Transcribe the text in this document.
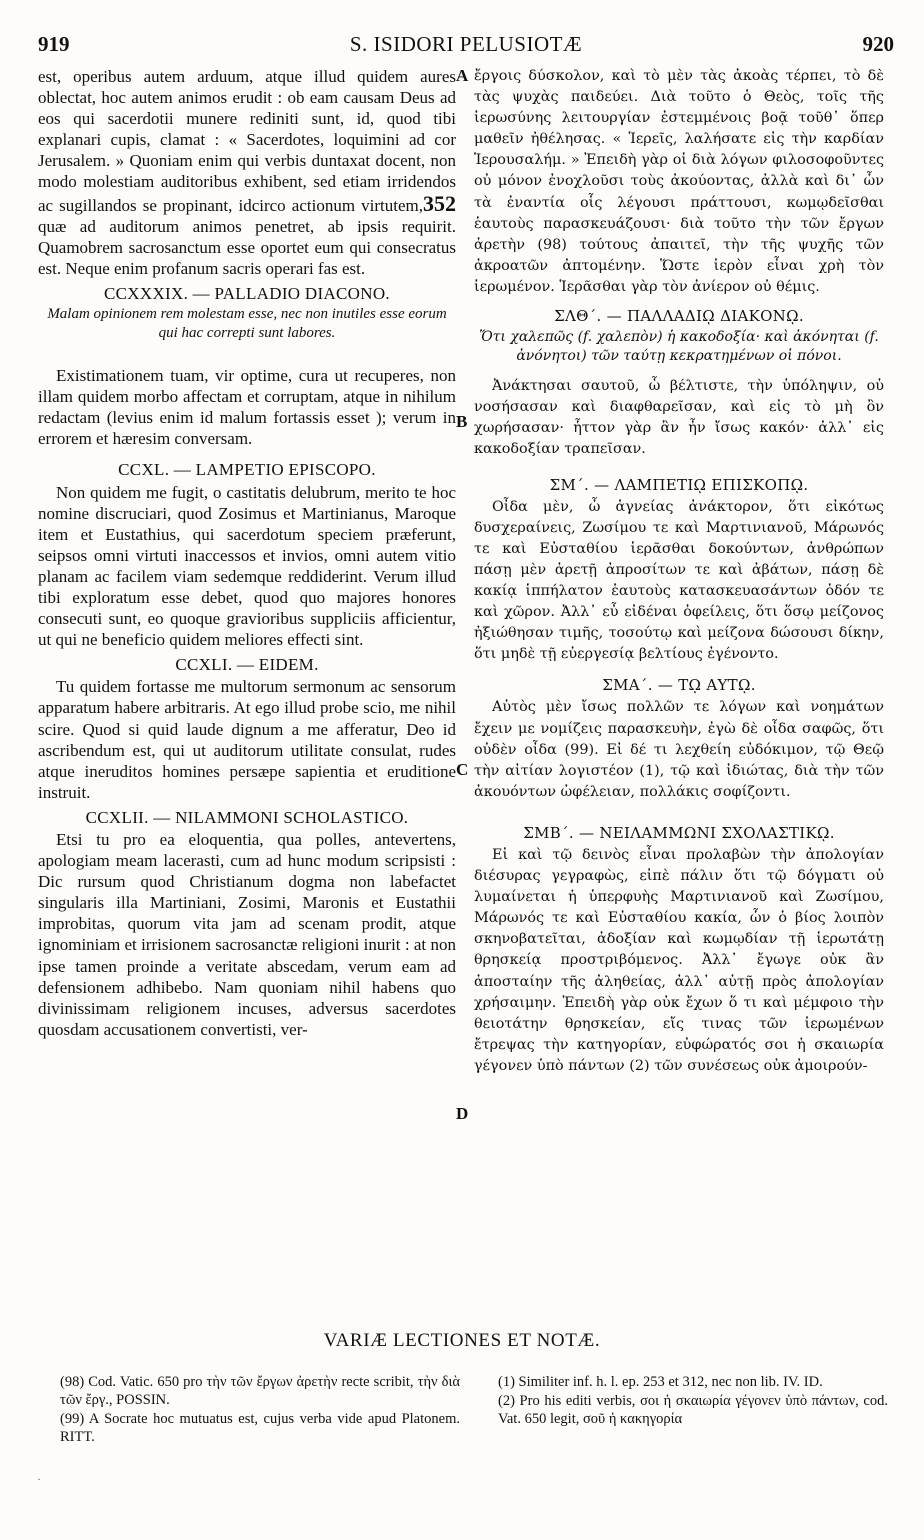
919	S. ISIDORI PELUSIOTÆ	920
A
B
C
D

est, operibus autem arduum, atque illud quidem aures oblectat, hoc autem animos erudit : ob eam causam Deus ad eos qui sacerdotii munere rediniti sunt, id, quod tibi explanari cupis, clamat : « Sacerdotes, loquimini ad cor Jerusalem. » Quoniam enim qui verbis duntaxat docent, non modo molestiam auditoribus exhibent, sed etiam irridendos ac sugillandos se propinant, idcirco actionum virtutem,352 quæ ad auditorum animos penetret, ab ipsis requirit. Quamobrem sacrosanctum esse oportet eum qui consecratus est. Neque enim profanum sacris operari fas est.

CCXXXIX. — PALLADIO DIACONO.
Malam opinionem rem molestam esse, nec non inutiles esse eorum qui hac correpti sunt labores.

Existimationem tuam, vir optime, cura ut recuperes, non illam quidem morbo affectam et corruptam, atque in nihilum redactam (levius enim id malum fortassis esset ); verum in errorem et hæresim conversam.

CCXL. — LAMPETIO EPISCOPO.

Non quidem me fugit, o castitatis delubrum, merito te hoc nomine discruciari, quod Zosimus et Martinianus, Maroque item et Eustathius, qui sacerdotum speciem præferunt, seipsos omni virtuti inaccessos et invios, omni autem vitio planam ac facilem viam sedemque reddiderint. Verum illud tibi exploratum esse debet, quod quo majores honores consecuti sunt, eo quoque gravioribus suppliciis afficientur, ut qui ne beneficio quidem meliores effecti sint.

CCXLI. — EIDEM.

Tu quidem fortasse me multorum sermonum ac sensorum apparatum habere arbitraris. At ego illud probe scio, me nihil scire. Quod si quid laude dignum a me afferatur, Deo id ascribendum est, qui ut auditorum utilitate consulat, rudes atque ineruditos homines persæpe sapientia et eruditione instruit.

CCXLII. — NILAMMONI SCHOLASTICO.

Etsi tu pro ea eloquentia, qua polles, antevertens, apologiam meam lacerasti, cum ad hunc modum scripsisti : Dic rursum quod Christianum dogma non labefactet singularis illa Martiniani, Zosimi, Maronis et Eustathii improbitas, quorum vita jam ad scenam prodit, atque ignominiam et irrisionem sacrosanctæ religioni inurit : at non ipse tamen proinde a veritate abscedam, verum eam ad defensionem adhibebo. Nam quoniam nihil habens quo divinissimam religionem incuses, adversus sacerdotes quosdam accusationem convertisti, ver-

ἔργοις δύσκολον, καὶ τὸ μὲν τὰς ἀκοὰς τέρπει, τὸ δὲ τὰς ψυχὰς παιδεύει. Διὰ τοῦτο ὁ Θεὸς, τοῖς τῆς ἱερωσύνης λειτουργίαν ἐστεμμένοις βοᾷ τοῦθ᾽ ὅπερ μαθεῖν ἠθέλησας. « Ἱερεῖς, λαλήσατε εἰς τὴν καρδίαν Ἱερουσαλήμ. » Ἐπειδὴ γὰρ οἱ διὰ λόγων φιλοσοφοῦντες οὐ μόνον ἐνοχλοῦσι τοὺς ἀκούοντας, ἀλλὰ καὶ δι᾽ ὧν τὰ ἐναντία οἷς λέγουσι πράττουσι, κωμῳδεῖσθαι ἑαυτοὺς παρασκευάζουσι· διὰ τοῦτο τὴν τῶν ἔργων ἀρετὴν (98) τούτους ἀπαιτεῖ, τὴν τῆς ψυχῆς τῶν ἀκροατῶν ἀπτομένην. Ὥστε ἱερὸν εἶναι χρὴ τὸν ἱερωμένον. Ἱερᾶσθαι γὰρ τὸν ἀνίερον οὐ θέμις.

ΣΛΘ΄. — ΠΑΛΛΑΔΙῼ ΔΙΑΚΟΝῼ.
Ὅτι χαλεπῶς (f. χαλεπὸν) ἡ κακοδοξία· καὶ ἀκόνηται (f. ἀνόνητοι) τῶν ταύτῃ κεκρατημένων οἱ πόνοι.

Ἀνάκτησαι σαυτοῦ, ὦ βέλτιστε, τὴν ὑπόληψιν, οὐ νοσήσασαν καὶ διαφθαρεῖσαν, καὶ εἰς τὸ μὴ ὂν χωρήσασαν· ἧττον γὰρ ἂν ἦν ἴσως κακόν· ἀλλ᾽ εἰς κακοδοξίαν τραπεῖσαν.

ΣΜ΄. — ΛΑΜΠΕΤΙῼ ΕΠΙΣΚΟΠῼ.

Οἶδα μὲν, ὦ ἁγνείας ἀνάκτορον, ὅτι εἰκότως δυσχεραίνεις, Ζωσίμου τε καὶ Μαρτινιανοῦ, Μάρωνός τε καὶ Εὐσταθίου ἱερᾶσθαι δοκούντων, ἀνθρώπων πάσῃ μὲν ἀρετῇ ἀπροσίτων τε καὶ ἀβάτων, πάσῃ δὲ κακίᾳ ἱππήλατον ἑαυτοὺς κατασκευασάντων ὁδόν τε καὶ χῶρον. Ἀλλ᾽ εὖ εἰδέναι ὀφείλεις, ὅτι ὅσῳ μείζονος ἠξιώθησαν τιμῆς, τοσούτῳ καὶ μείζονα δώσουσι δίκην, ὅτι μηδὲ τῇ εὐεργεσίᾳ βελτίους ἐγένοντο.

ΣΜΑ΄. — Τῼ ΑΥΤῼ.

Αὐτὸς μὲν ἴσως πολλῶν τε λόγων καὶ νοημάτων ἔχειν με νομίζεις παρασκευὴν, ἐγὼ δὲ οἶδα σαφῶς, ὅτι οὐδὲν οἶδα (99). Εἰ δέ τι λεχθείη εὐδόκιμον, τῷ Θεῷ τὴν αἰτίαν λογιστέον (1), τῷ καὶ ἰδιώτας, διὰ τὴν τῶν ἀκουόντων ὠφέλειαν, πολλάκις σοφίζοντι.

ΣΜΒ΄. — ΝΕΙΛΑΜΜΩΝΙ ΣΧΟΛΑΣΤΙΚῼ.

Εἰ καὶ τῷ δεινὸς εἶναι προλαβὼν τὴν ἀπολογίαν διέσυρας γεγραφὼς, εἰπὲ πάλιν ὅτι τῷ δόγματι οὐ λυμαίνεται ἡ ὑπερφυὴς Μαρτινιανοῦ καὶ Ζωσίμου, Μάρωνός τε καὶ Εὐσταθίου κακία, ὧν ὁ βίος λοιπὸν σκηνοβατεῖται, ἀδοξίαν καὶ κωμῳδίαν τῇ ἱερωτάτῃ θρησκείᾳ προστριβόμενος. Ἀλλ᾽ ἔγωγε οὐκ ἂν ἀποσταίην τῆς ἀληθείας, ἀλλ᾽ αὐτῇ πρὸς ἀπολογίαν χρήσαιμην. Ἐπειδὴ γὰρ οὐκ ἔχων ὅ τι καὶ μέμφοιο τὴν θειοτάτην θρησκείαν, εἴς τινας τῶν ἱερωμένων ἔτρεψας τὴν κατηγορίαν, εὐφώρατός σοι ἡ σκαιωρία γέγονεν ὑπὸ πάντων (2) τῶν συνέσεως οὐκ ἀμοιρούν-

VARIÆ LECTIONES ET NOTÆ.

(98) Cod. Vatic. 650 pro τὴν τῶν ἔργων ἀρετὴν recte scribit, τὴν διὰ τῶν ἔργ., POSSIN.

(99) A Socrate hoc mutuatus est, cujus verba vide apud Platonem. RITT.

(1) Similiter inf. h. l. ep. 253 et 312, nec non lib. IV. ID.

(2) Pro his editi verbis, σοι ἡ σκαιωρία γέγονεν ὑπὸ πάντων, cod. Vat. 650 legit, σοῦ ἡ κακηγορία

·
